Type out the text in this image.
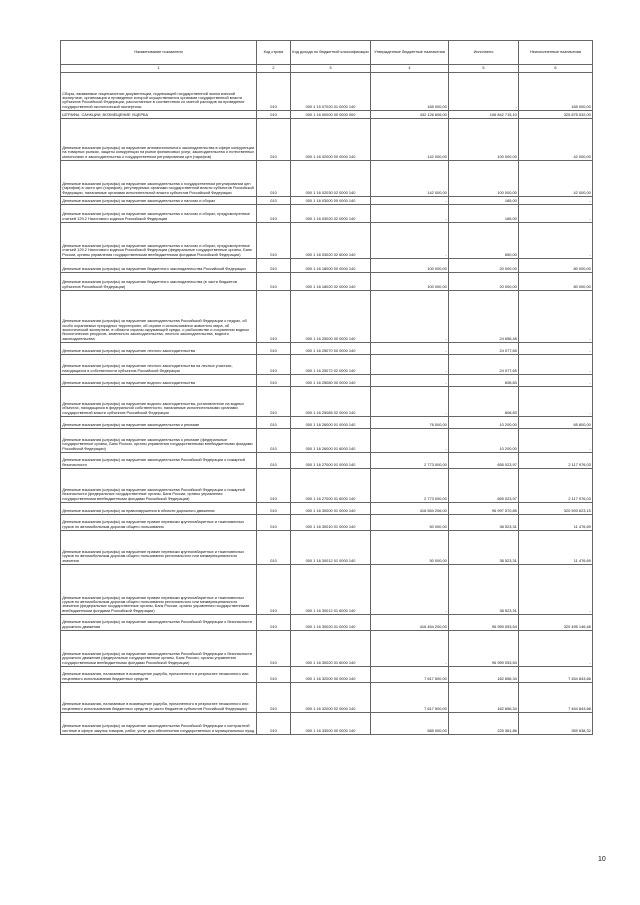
Наименование показателя	Код строки	Код дохода по бюджетной классификации	Утвержденные бюджетные назначения	Исполнено	Неисполненные назначения
1	2	3	4	5	6
Сборы, взимаемые лицензионные документации, подлежащей государственной экологической экспертизе, организация и проведение которой осуществляются органами государственной власти субъектов Российской Федерации, рассчитанные в соответствии со сметой расходов на проведение государственной экологической экспертизы	010	000 1 15 07020 01 0000 140	165 000,00	-	165 000,00
ШТРАФЫ, САНКЦИИ, ВОЗМЕЩЕНИЕ УЩЕРБА	010	000 1 16 00000 00 0000 000	432 126 606,00	106 842 715,10	325 875 532,00
Денежные взыскания (штрафы) за нарушение антимонопольного законодательства в сфере конкуренции на товарных рынках, защиты конкуренции на рынке финансовых услуг, законодательства о естественных монополиях и законодательства о государственном регулировании цен (тарифов)	010	000 1 16 02000 00 0000 140	142 000,00	100 000,00	42 000,00
Денежные взыскания (штрафы) за нарушение законодательства о государственном регулировании цен (тарифов) в части цен (тарифов), регулируемых органами государственной власти субъектов Российской Федерации, налагаемые органами исполнительной власти субъектов Российской Федерации	010	000 1 16 02030 02 0000 140	142 000,00	100 000,00	42 000,00
Денежные взыскания (штрафы) за нарушение законодательства о налогах и сборах	010	000 1 16 03000 00 0000 140	-	165,00	-
Денежные взыскания (штрафы) за нарушение законодательства о налогах и сборах, предусмотренные статьей 129.2 Налогового кодекса Российской Федерации	010	000 1 16 03020 02 0000 140	-	165,00	-
Денежные взыскания (штрафы) за нарушение законодательства о налогах и сборах, предусмотренные статьей 129.2 Налогового кодекса Российской Федерации (федеральные государственные органы, Банк России, органы управления государственными внебюджетными фондами Российской Федерации)	010	000 1 16 03020 02 6000 140	-	650,00	-
Денежные взыскания (штрафы) за нарушение бюджетного законодательства Российской Федерации	010	000 1 16 18000 00 0000 140	100 000,00	20 000,00	80 000,00
Денежные взыскания (штрафы) за нарушение бюджетного законодательства (в части бюджетов субъектов Российской Федерации)	010	000 1 16 18020 02 0000 140	100 000,00	20 000,00	80 000,00
Денежные взыскания (штрафы) за нарушение законодательства Российской Федерации о недрах, об особо охраняемых природных территориях, об охране и использовании животного мира, об экологической экспертизе, в области охраны окружающей среды, о рыболовстве и сохранении водных биологических ресурсов, земельного законодательства, лесного законодательства, водного законодательства	010	000 1 16 25000 00 0000 140	-	24 656,48	-
Денежные взыскания (штрафы) за нарушение лесного законодательства	010	000 1 16 25070 00 0000 140	-	24 077,65	-
Денежные взыскания (штрафы) за нарушение лесного законодательства на лесных участках, находящихся в собственности субъектов Российской Федерации	010	000 1 16 25072 02 0000 140	-	24 077,65	-
Денежные взыскания (штрафы) за нарушение водного законодательства	010	000 1 16 25080 00 0000 140	-	608,83	-
Денежные взыскания (штрафы) за нарушение водного законодательства, установленное на водных объектах, находящихся в федеральной собственности, налагаемые исполнительными органами государственной власти субъектов Российской Федерации	010	000 1 16 25085 02 0000 140	-	608,83	-
Денежные взыскания (штрафы) за нарушение законодательства о рекламе	010	000 1 16 26000 01 0000 140	76 000,00	10 200,00	65 800,00
Денежные взыскания (штрафы) за нарушение законодательства о рекламе (федеральные государственные органы, Банк России, органы управления государственными внебюджетными фондами Российской Федерации)	010	000 1 16 26000 01 6000 140	-	10 200,00	-
Денежные взыскания (штрафы) за нарушение законодательства Российской Федерации о пожарной безопасности	010	000 1 16 27000 01 0000 140	2 773 000,00	655 023,97	2 117 976,03
Денежные взыскания (штрафы) за нарушение законодательства Российской Федерации о пожарной безопасности (федеральные государственные органы, Банк России, органы управления государственными внебюджетными фондами Российской Федерации)	010	000 1 16 27000 01 6000 140	2 773 000,00	655 023,97	2 117 976,03
Денежные взыскания (штрафы) за правонарушения в области дорожного движения	010	000 1 16 30000 01 0000 140	416 554 206,00	96 997 570,85	320 593 623,15
Денежные взыскания (штрафы) за нарушение правил перевозки крупногабаритных и тяжеловесных грузов по автомобильным дорогам общего пользования	010	000 1 16 30010 01 0000 140	50 000,00	38 523,31	11 476,69
Денежные взыскания (штрафы) за нарушение правил перевозки крупногабаритных и тяжеловесных грузов по автомобильным дорогам общего пользования регионального или межмуниципального значения	010	000 1 16 30012 01 0000 140	50 000,00	38 523,31	11 476,69
Денежные взыскания (штрафы) за нарушение правил перевозки крупногабаритных и тяжеловесных грузов по автомобильным дорогам общего пользования регионального или межмуниципального значения (федеральные государственные органы, Банк России, органы управления государственными внебюджетными фондами Российской Федерации)	010	000 1 16 30012 01 6000 140	-	38 523,31	-
Денежные взыскания (штрафы) за нарушение законодательства Российской Федерации о безопасности дорожного движения	010	000 1 16 30020 01 0000 140	416 454 200,00	96 959 053,54	320 495 146,46
Денежные взыскания (штрафы) за нарушение законодательства Российской Федерации о безопасности дорожного движения (федеральные государственные органы, Банк России, органы управления государственными внебюджетными фондами Российской Федерации)	010	000 1 16 30020 01 6000 140	-	96 959 053,54	-
Денежные взыскания, налагаемые в возмещение ущерба, причиненного в результате незаконного или нецелевого использования бюджетных средств	010	000 1 16 32000 00 0000 140	7 617 500,00	162 656,34	7 454 843,66
Денежные взыскания, налагаемые в возмещение ущерба, причиненного в результате незаконного или нецелевого использования бюджетных средств (в части бюджетов субъектов Российской Федерации)	010	000 1 16 32000 02 0000 140	7 617 500,00	162 656,34	7 454 843,66
Денежные взыскания (штрафы) за нарушение законодательства Российской Федерации о контрактной системе в сфере закупок товаров, работ, услуг для обеспечения государственных и муниципальных нужд	010	000 1 16 33000 00 0000 140	585 000,00	225 361,86	359 638,32
10
